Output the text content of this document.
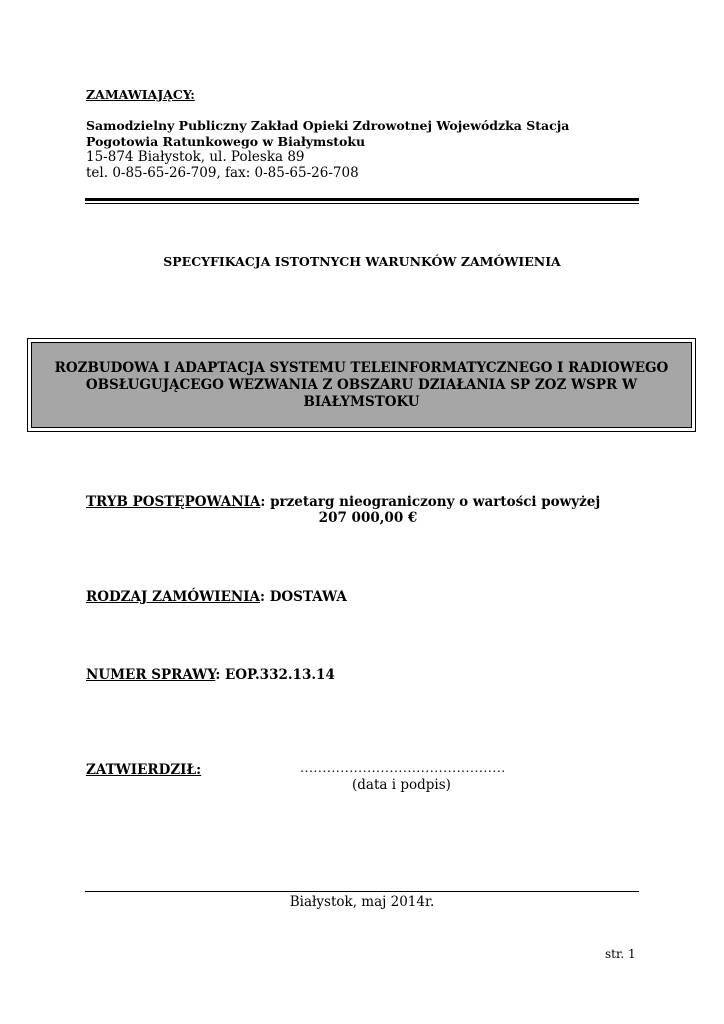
ZAMAWIAJĄCY:
Samodzielny Publiczny Zakład Opieki Zdrowotnej Wojewódzka Stacja
Pogotowia Ratunkowego w Białymstoku
15-874 Białystok, ul. Poleska 89
tel. 0-85-65-26-709, fax: 0-85-65-26-708
SPECYFIKACJA ISTOTNYCH WARUNKÓW ZAMÓWIENIA
ROZBUDOWA I ADAPTACJA SYSTEMU TELEINFORMATYCZNEGO I RADIOWEGO OBSŁUGUJĄCEGO WEZWANIA Z OBSZARU DZIAŁANIA SP ZOZ WSPR W BIAŁYMSTOKU
TRYB POSTĘPOWANIA: przetarg nieograniczony o wartości powyżej
207 000,00 €
RODZAJ ZAMÓWIENIA: DOSTAWA
NUMER SPRAWY: EOP.332.13.14
ZATWIERDZIŁ:	..............................................
(data i podpis)
Białystok, maj 2014r.
str. 1
